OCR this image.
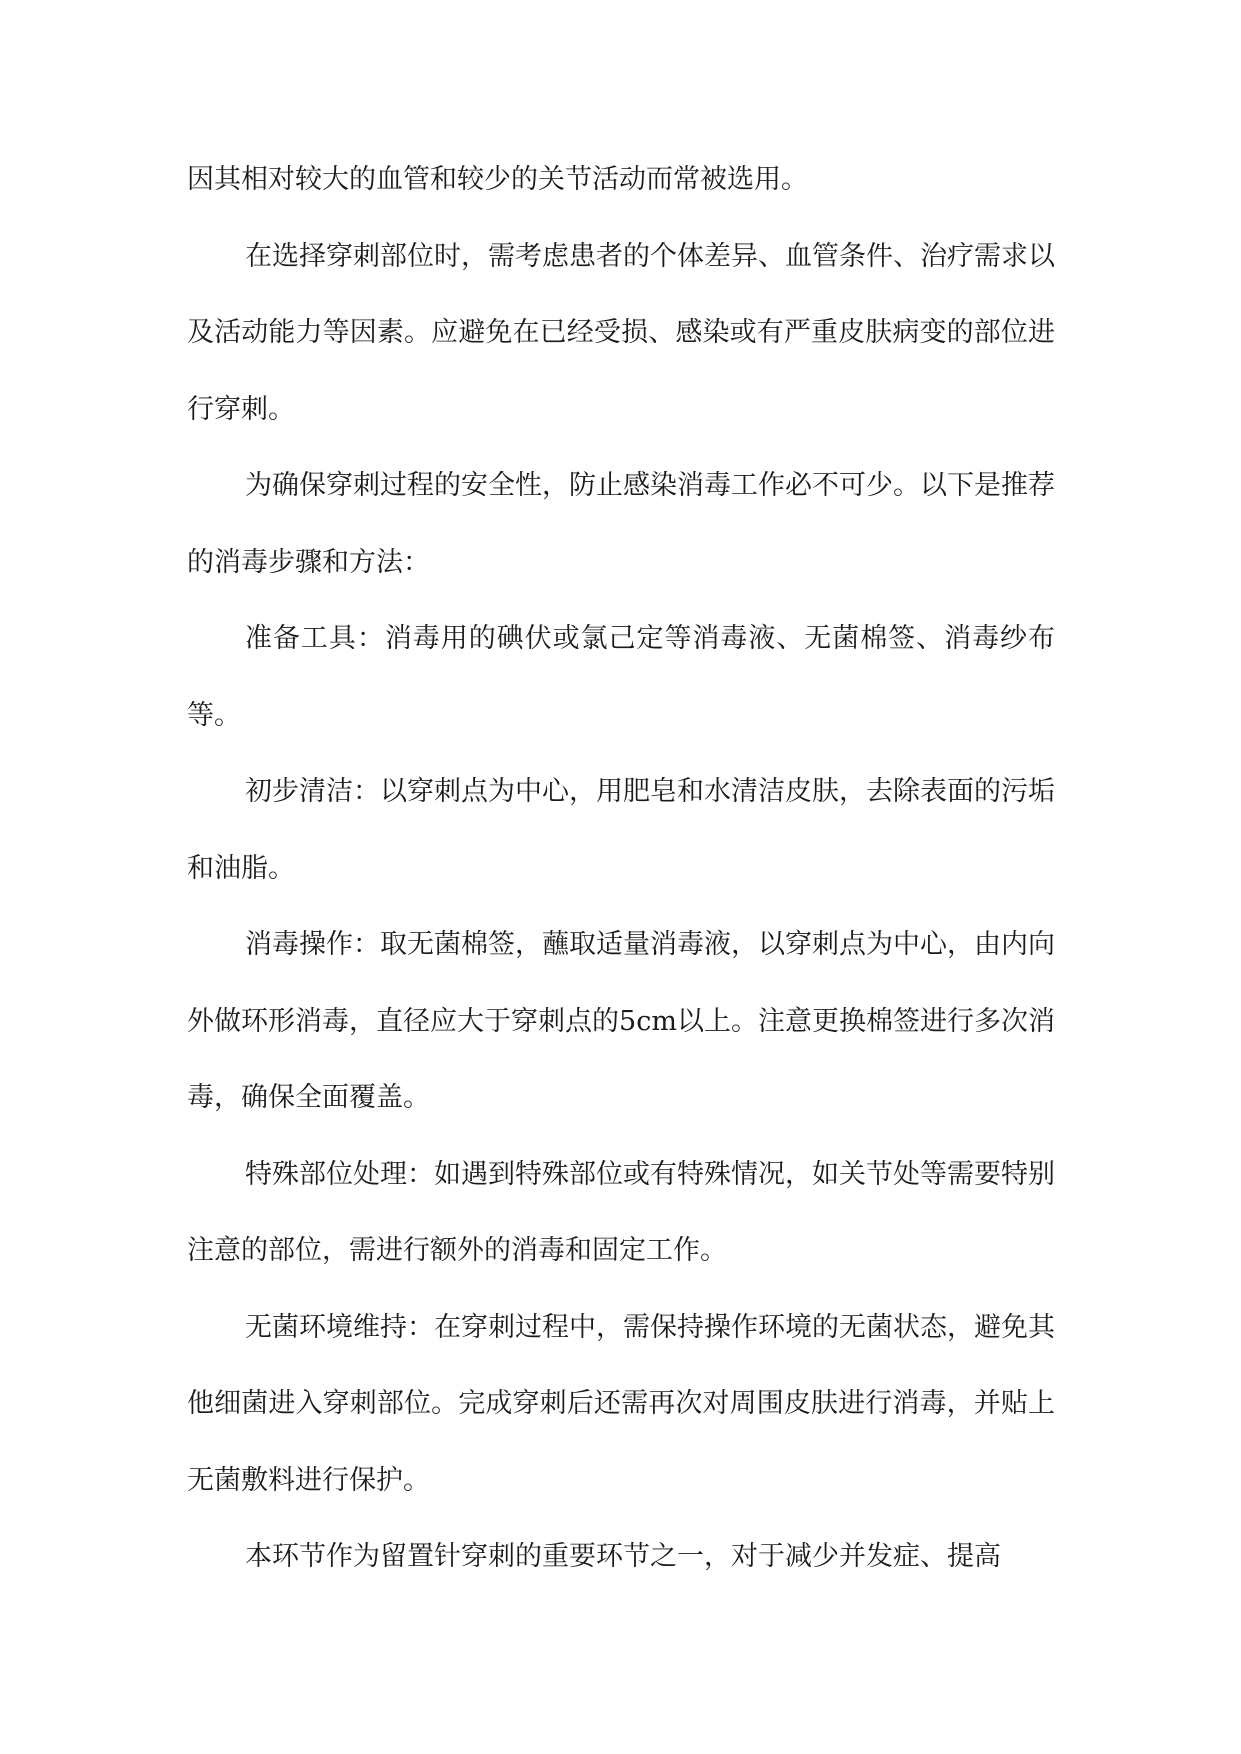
因其相对较大的血管和较少的关节活动而常被选用。

在选择穿刺部位时，需考虑患者的个体差异、血管条件、治疗需求以及活动能力等因素。应避免在已经受损、感染或有严重皮肤病变的部位进行穿刺。

为确保穿刺过程的安全性，防止感染消毒工作必不可少。以下是推荐的消毒步骤和方法：

准备工具：消毒用的碘伏或氯己定等消毒液、无菌棉签、消毒纱布等。

初步清洁：以穿刺点为中心，用肥皂和水清洁皮肤，去除表面的污垢和油脂。

消毒操作：取无菌棉签，蘸取适量消毒液，以穿刺点为中心，由内向外做环形消毒，直径应大于穿刺点的5cm以上。注意更换棉签进行多次消毒，确保全面覆盖。

特殊部位处理：如遇到特殊部位或有特殊情况，如关节处等需要特别注意的部位，需进行额外的消毒和固定工作。

无菌环境维持：在穿刺过程中，需保持操作环境的无菌状态，避免其他细菌进入穿刺部位。完成穿刺后还需再次对周围皮肤进行消毒，并贴上无菌敷料进行保护。

本环节作为留置针穿刺的重要环节之一，对于减少并发症、提高
